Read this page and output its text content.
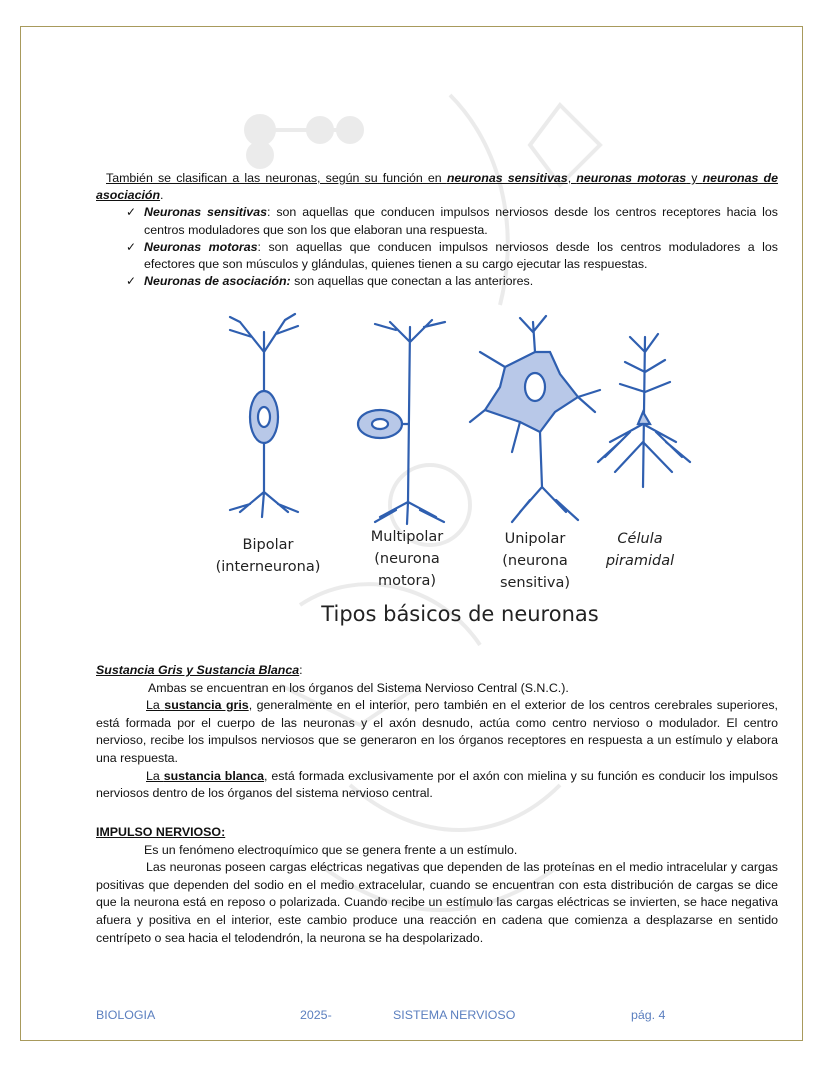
También se clasifican a las neuronas, según su función en neuronas sensitivas, neuronas motoras y neuronas de asociación.

✓ Neuronas sensitivas: son aquellas que conducen impulsos nerviosos desde los centros receptores hacia los centros moduladores que son los que elaboran una respuesta.
✓ Neuronas motoras: son aquellas que conducen impulsos nerviosos desde los centros moduladores a los efectores que son músculos y glándulas, quienes tienen a su cargo ejecutar las respuestas.
✓ Neuronas de asociación: son aquellas que conectan a las anteriores.
Bipolar
(interneurona)
Multipolar
(neurona
motora)
Unipolar
(neurona
sensitiva)
Célula
piramidal
Tipos básicos de neuronas

Sustancia Gris y Sustancia Blanca:

Ambas se encuentran en los órganos del Sistema Nervioso Central (S.N.C.).

La sustancia gris, generalmente en el interior, pero también en el exterior de los centros cerebrales superiores, está formada por el cuerpo de las neuronas y el axón desnudo, actúa como centro nervioso o modulador. El centro nervioso, recibe los impulsos nerviosos que se generaron en los órganos receptores en respuesta a un estímulo y elabora una respuesta.

La sustancia blanca, está formada exclusivamente por el axón con mielina y su función es conducir los impulsos nerviosos dentro de los órganos del sistema nervioso central.

IMPULSO NERVIOSO:

Es un fenómeno electroquímico que se genera frente a un estímulo.

Las neuronas poseen cargas eléctricas negativas que dependen de las proteínas en el medio intracelular y cargas positivas que dependen del sodio en el medio extracelular, cuando se encuentran con esta distribución de cargas se dice que la neurona está en reposo o polarizada. Cuando recibe un estímulo las cargas eléctricas se invierten, se hace negativa afuera y positiva en el interior, este cambio produce una reacción en cadena que comienza a desplazarse en sentido centrípeto o sea hacia el telodendrón, la neurona se ha despolarizado.

BIOLOGIA	2025-	SISTEMA NERVIOSO	pág. 4
